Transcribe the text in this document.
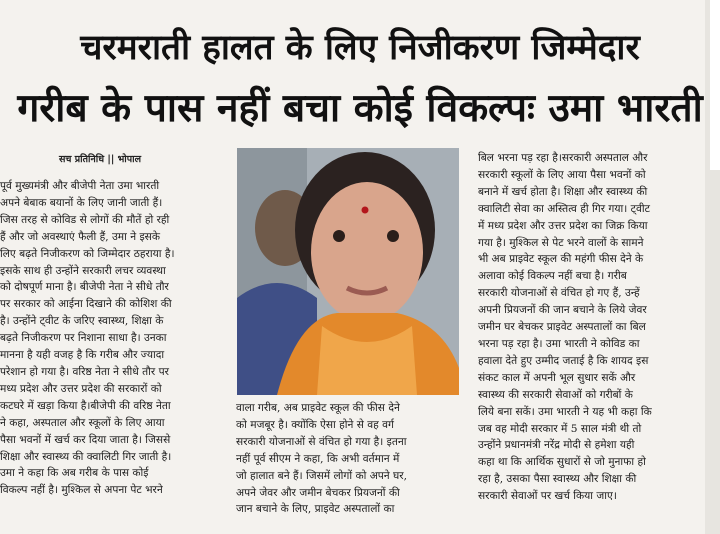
चरमराती हालत के लिए निजीकरण जिम्मेदार
गरीब के पास नहीं बचा कोई विकल्पः उमा भारती
सच प्रतिनिधि || भोपाल
पूर्व मुख्यमंत्री और बीजेपी नेता उमा भारती
अपने बेबाक बयानों के लिए जानी जाती हैं।
जिस तरह से कोविड से लोगों की मौतें हो रही
हैं और जो अवस्थाएं फैली हैं, उमा ने इसके
लिए बढ़ते निजीकरण को जिम्मेदार ठहराया है।
इसके साथ ही उन्होंने सरकारी लचर व्यवस्था
को दोषपूर्ण माना है। बीजेपी नेता ने सीधे तौर
पर सरकार को आईना दिखाने की कोशिश की
है। उन्होंने ट्वीट के जरिए स्वास्थ्य, शिक्षा के
बढ़ते निजीकरण पर निशाना साधा है। उनका
मानना है यही वजह है कि गरीब और ज्यादा
परेशान हो गया है। वरिष्ठ नेता ने सीधे तौर पर
मध्य प्रदेश और उत्तर प्रदेश की सरकारों को
कटघरे में खड़ा किया है।बीजेपी की वरिष्ठ नेता
ने कहा, अस्पताल और स्कूलों के लिए आया
पैसा भवनों में खर्च कर दिया जाता है। जिससे
शिक्षा और स्वास्थ्य की क्वालिटी गिर जाती है।
उमा ने कहा कि अब गरीब के पास कोई
विकल्प नहीं है। मुश्किल से अपना पेट भरने
वाला गरीब, अब प्राइवेट स्कूल की फीस देने
को मजबूर है। क्योंकि ऐसा होने से वह वर्ग
सरकारी योजनाओं से वंचित हो गया है। इतना
नहीं पूर्व सीएम ने कहा, कि अभी वर्तमान में
जो हालात बने हैं। जिसमें लोगों को अपने घर,
अपने जेवर और जमीन बेचकर प्रियजनों की
जान बचाने के लिए, प्राइवेट अस्पतालों का
बिल भरना पड़ रहा है।सरकारी अस्पताल और
सरकारी स्कूलों के लिए आया पैसा भवनों को
बनाने में खर्च होता है। शिक्षा और स्वास्थ्य की
क्वालिटी सेवा का अस्तित्व ही गिर गया। ट्वीट
में मध्य प्रदेश और उत्तर प्रदेश का जिक्र किया
गया है। मुश्किल से पेट भरने वालों के सामने
भी अब प्राइवेट स्कूल की महंगी फीस देने के
अलावा कोई विकल्प नहीं बचा है। गरीब
सरकारी योजनाओं से वंचित हो गए हैं, उन्हें
अपनी प्रियजनों की जान बचाने के लिये जेवर
जमीन घर बेचकर प्राइवेट अस्पतालों का बिल
भरना पड़ रहा है। उमा भारती ने कोविड का
हवाला देते हुए उम्मीद जताई है कि शायद इस
संकट काल में अपनी भूल सुधार सकें और
स्वास्थ्य की सरकारी सेवाओं को गरीबों के
लिये बना सकें। उमा भारती ने यह भी कहा कि
जब वह मोदी सरकार में 5 साल मंत्री थी तो
उन्होंने प्रधानमंत्री नरेंद्र मोदी से हमेशा यही
कहा था कि आर्थिक सुधारों से जो मुनाफा हो
रहा है, उसका पैसा स्वास्थ्य और शिक्षा की
सरकारी सेवाओं पर खर्च किया जाए।
